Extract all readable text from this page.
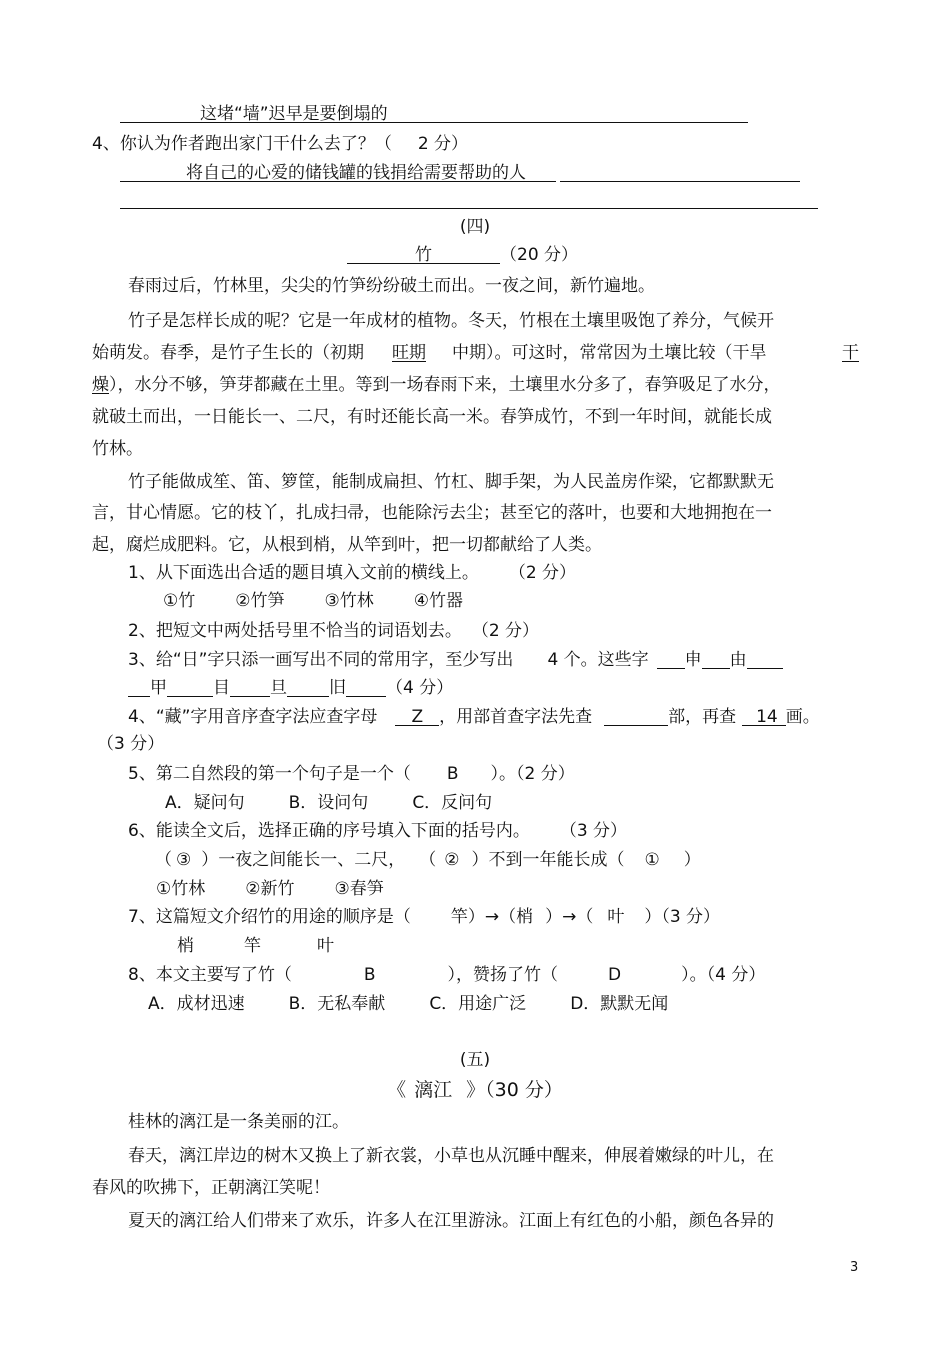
这堵“墙”迟早是要倒塌的
4、你认为作者跑出家门干什么去了？（ 2 分）
将自己的心爱的储钱罐的钱捐给需要帮助的人
(四)
竹	（20 分）
春雨过后，竹林里，尖尖的竹笋纷纷破土而出。一夜之间，新竹遍地。
竹子是怎样长成的呢？它是一年成材的植物。冬天，竹根在土壤里吸饱了养分，气候开
始萌发。春季，是竹子生长的（初期 旺期 中期）。可这时，常常因为土壤比较（干旱	干
燥），水分不够，笋芽都藏在土里。等到一场春雨下来，土壤里水分多了，春笋吸足了水分，
就破土而出，一日能长一、二尺，有时还能长高一米。春笋成竹，不到一年时间，就能长成
竹林。
竹子能做成笙、笛、箩筐，能制成扁担、竹杠、脚手架，为人民盖房作梁，它都默默无
言，甘心情愿。它的枝丫，扎成扫帚，也能除污去尘；甚至它的落叶，也要和大地拥抱在一
起，腐烂成肥料。它，从根到梢，从竿到叶，把一切都献给了人类。
1、从下面选出合适的题目填入文前的横线上。 （2 分）
①竹 ②竹笋 ③竹林 ④竹器
2、把短文中两处括号里不恰当的词语划去。 （2 分）
3、给“日”字只添一画写出不同的常用字，至少写出 4 个。这些字 申 由
甲	目 旦 旧 （4 分）
4、“藏”字用音序查字法应查字母 Z ，用部首查字法先查	部，再查 14 画。
（3 分）
5、第二自然段的第一个句子是一个（ B ）。（2 分）
A．疑问句	B．设问句	C．反问句
6、能读全文后，选择正确的序号填入下面的括号内。 （3 分）
（ ③ ）一夜之间能长一、二尺， （ ② ）不到一年能长成（ ① ）
①竹林 ②新竹 ③春笋
7、这篇短文介绍竹的用途的顺序是（ 竿）→（梢 ）→（ 叶 ）（3 分）
梢	竿	叶
8、本文主要写了竹（	B	），赞扬了竹（	D	）。（4 分）
A．成材迅速	B．无私奉献	C．用途广泛	D．默默无闻
(五)
《 漓江 》（30 分）
桂林的漓江是一条美丽的江。
春天，漓江岸边的树木又换上了新衣裳，小草也从沉睡中醒来，伸展着嫩绿的叶儿，在
春风的吹拂下，正朝漓江笑呢！
夏天的漓江给人们带来了欢乐，许多人在江里游泳。江面上有红色的小船，颜色各异的
3
